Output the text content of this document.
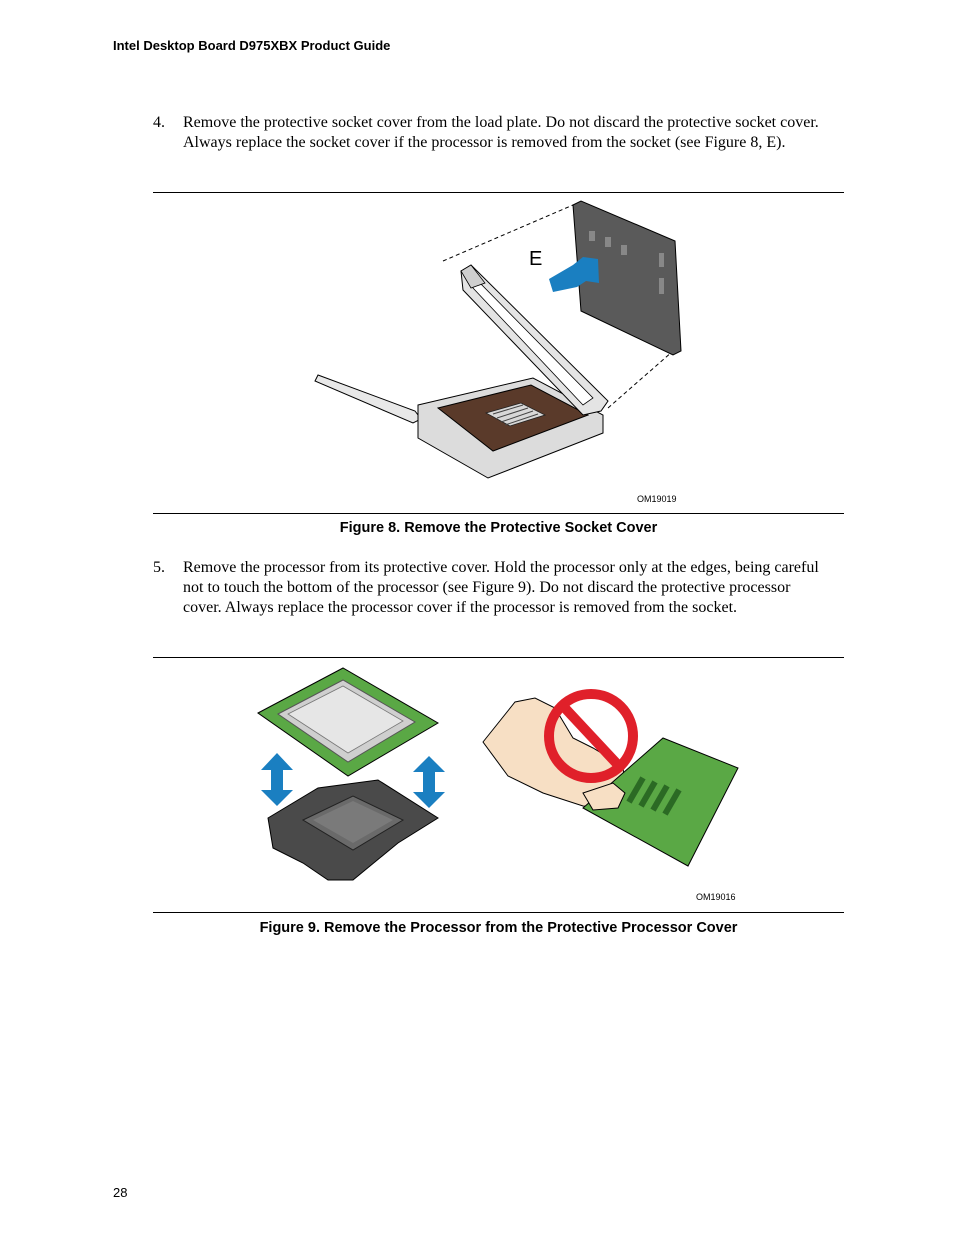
Intel Desktop Board D975XBX Product Guide
4. Remove the protective socket cover from the load plate. Do not discard the protective socket cover. Always replace the socket cover if the processor is removed from the socket (see Figure 8, E).
E
OM19019
Figure 8. Remove the Protective Socket Cover
5. Remove the processor from its protective cover. Hold the processor only at the edges, being careful not to touch the bottom of the processor (see Figure 9). Do not discard the protective processor cover. Always replace the processor cover if the processor is removed from the socket.
OM19016
Figure 9. Remove the Processor from the Protective Processor Cover
28
